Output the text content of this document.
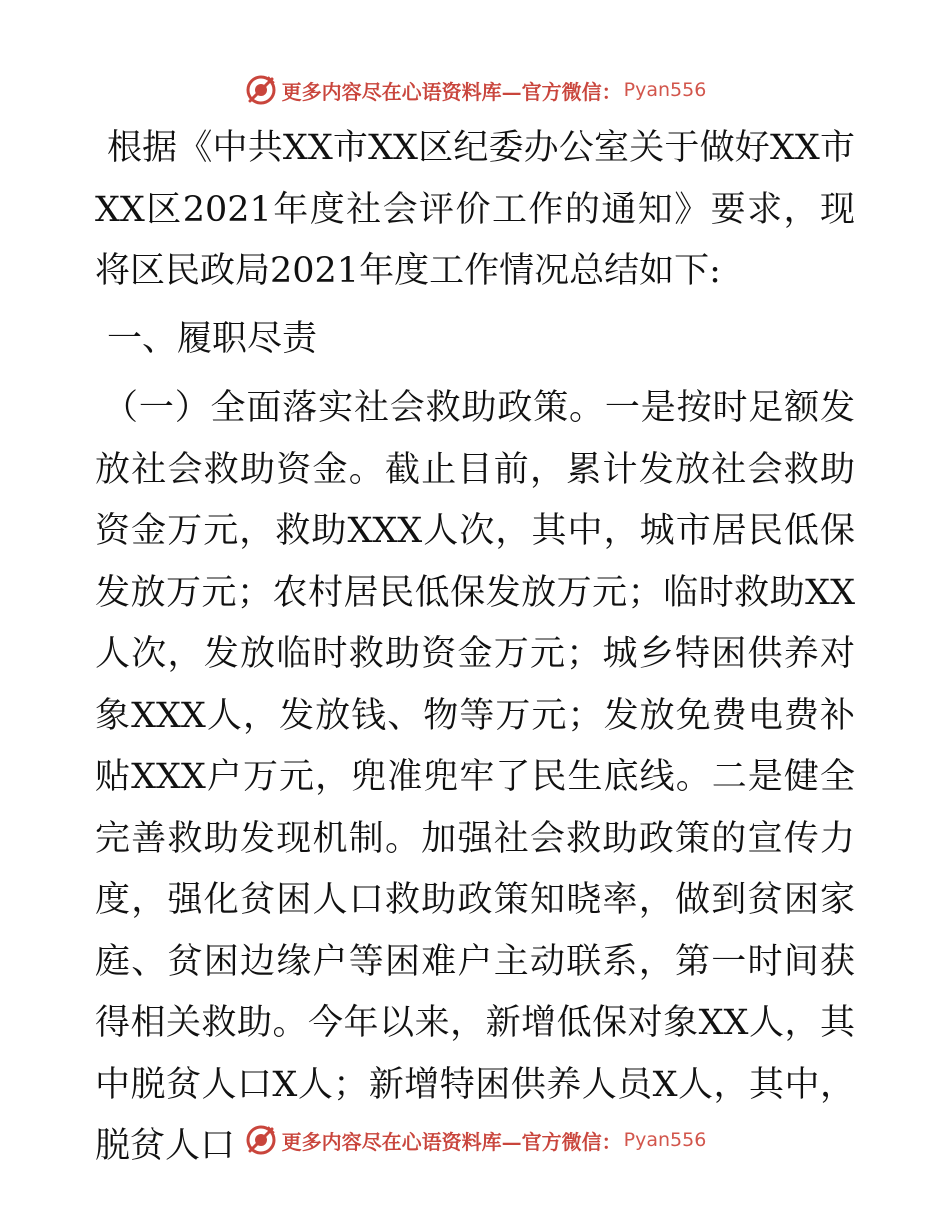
更多内容尽在心语资料库—官方微信： Pyan556

根据《中共XX市XX区纪委办公室关于做好XX市XX区2021年度社会评价工作的通知》要求，现将区民政局2021年度工作情况总结如下:

一、履职尽责

（一）全面落实社会救助政策。一是按时足额发放社会救助资金。截止目前，累计发放社会救助资金万元，救助XXX人次，其中，城市居民低保发放万元；农村居民低保发放万元；临时救助XX人次，发放临时救助资金万元；城乡特困供养对象XXX人，发放钱、物等万元；发放免费电费补贴XXX户万元，兜准兜牢了民生底线。二是健全完善救助发现机制。加强社会救助政策的宣传力度，强化贫困人口救助政策知晓率，做到贫困家庭、贫困边缘户等困难户主动联系，第一时间获得相关救助。今年以来，新增低保对象XX人，其中脱贫人口X人；新增特困供养人员X人，其中，脱贫人口	更多内容尽在心语资料库—官方微信： Pyan556
